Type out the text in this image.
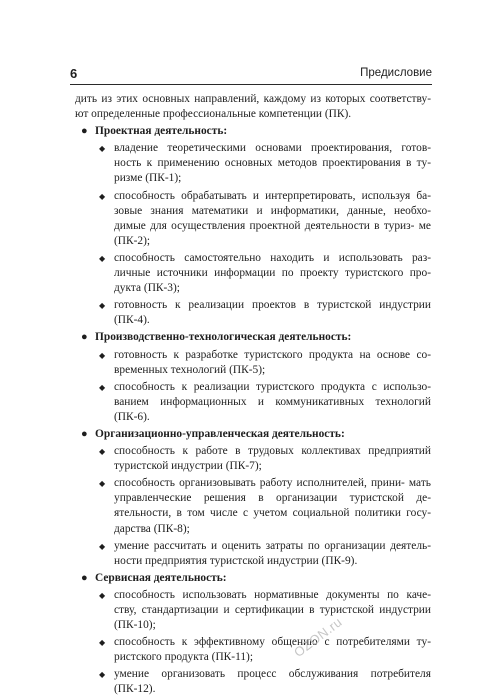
6	Предисловие

дить из этих основных направлений, каждому из которых соответству- ют определенные профессиональные компетенции (ПК).

● Проектная деятельность:

◆ владение теоретическими основами проектирования, готов- ность к применению основных методов проектирования в ту- ризме (ПК-1);
◆ способность обрабатывать и интерпретировать, используя ба- зовые знания математики и информатики, данные, необхо- димые для осуществления проектной деятельности в туриз- ме (ПК-2);
◆ способность самостоятельно находить и использовать раз- личные источники информации по проекту туристского про- дукта (ПК-3);
◆ готовность к реализации проектов в туристской индустрии (ПК-4).
● Производственно-технологическая деятельность:

◆ готовность к разработке туристского продукта на основе со- временных технологий (ПК-5);
◆ способность к реализации туристского продукта с использо- ванием информационных и коммуникативных технологий (ПК-6).
● Организационно-управленческая деятельность:

◆ способность к работе в трудовых коллективах предприятий туристской индустрии (ПК-7);
◆ способность организовывать работу исполнителей, прини- мать управленческие решения в организации туристской де- ятельности, в том числе с учетом социальной политики госу- дарства (ПК-8);
◆ умение рассчитать и оценить затраты по организации деятель- ности предприятия туристской индустрии (ПК-9).
● Сервисная деятельность:

◆ способность использовать нормативные документы по каче- ству, стандартизации и сертификации в туристской индустрии (ПК-10);
◆ способность к эффективному общению с потребителями ту- ристского продукта (ПК-11);
◆ умение организовать процесс обслуживания потребителя (ПК-12).
OZON.ru
